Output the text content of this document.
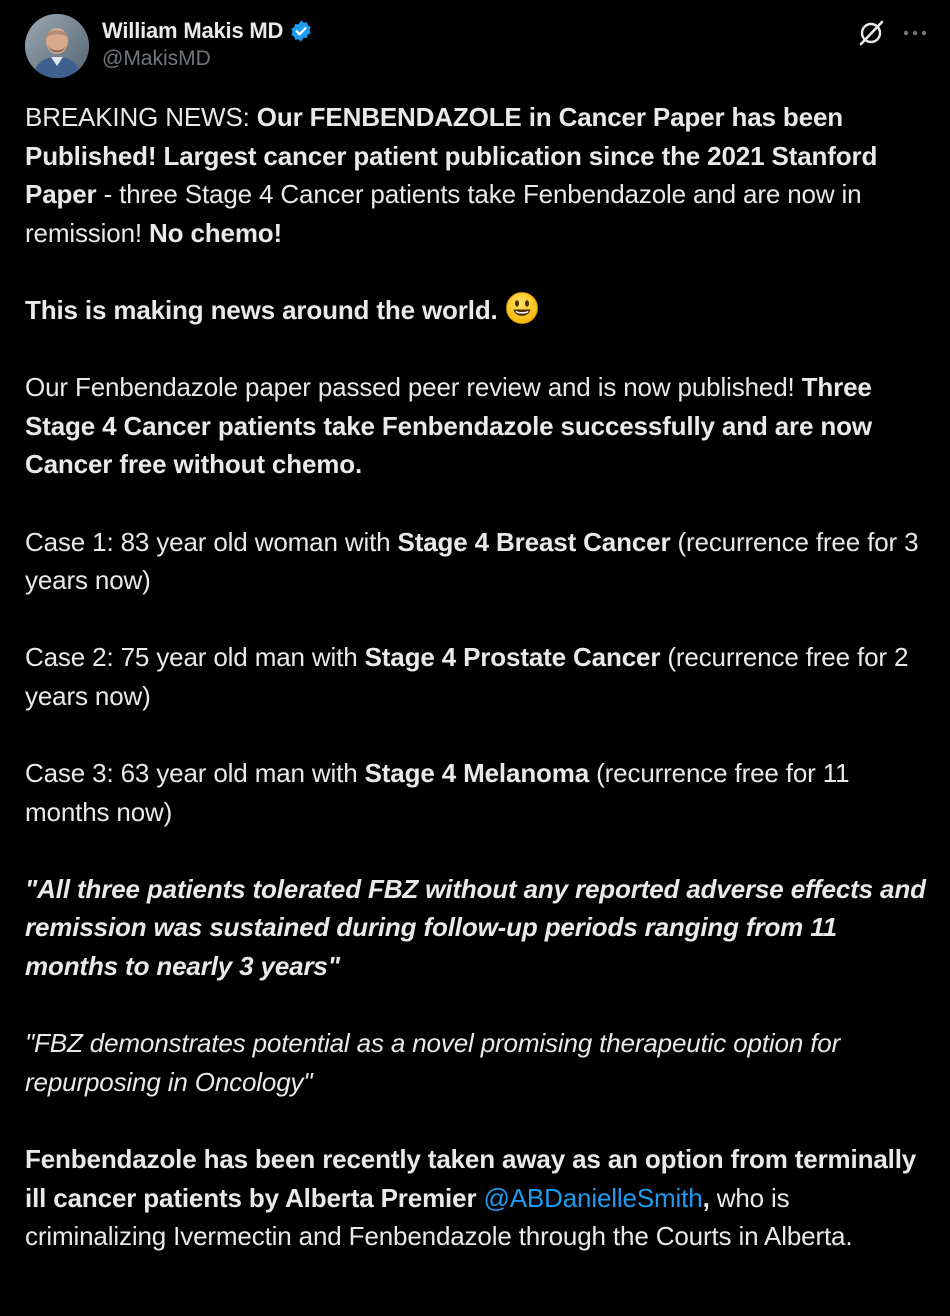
William Makis MD
@MakisMD

BREAKING NEWS: Our FENBENDAZOLE in Cancer Paper has been Published! Largest cancer patient publication since the 2021 Stanford Paper - three Stage 4 Cancer patients take Fenbendazole and are now in remission! No chemo!

This is making news around the world.

Our Fenbendazole paper passed peer review and is now published! Three Stage 4 Cancer patients take Fenbendazole successfully and are now Cancer free without chemo.

Case 1: 83 year old woman with Stage 4 Breast Cancer (recurrence free for 3 years now)

Case 2: 75 year old man with Stage 4 Prostate Cancer (recurrence free for 2 years now)

Case 3: 63 year old man with Stage 4 Melanoma (recurrence free for 11 months now)

"All three patients tolerated FBZ without any reported adverse effects and remission was sustained during follow-up periods ranging from 11 months to nearly 3 years"

"FBZ demonstrates potential as a novel promising therapeutic option for repurposing in Oncology"

Fenbendazole has been recently taken away as an option from terminally ill cancer patients by Alberta Premier @ABDanielleSmith, who is criminalizing Ivermectin and Fenbendazole through the Courts in Alberta.
